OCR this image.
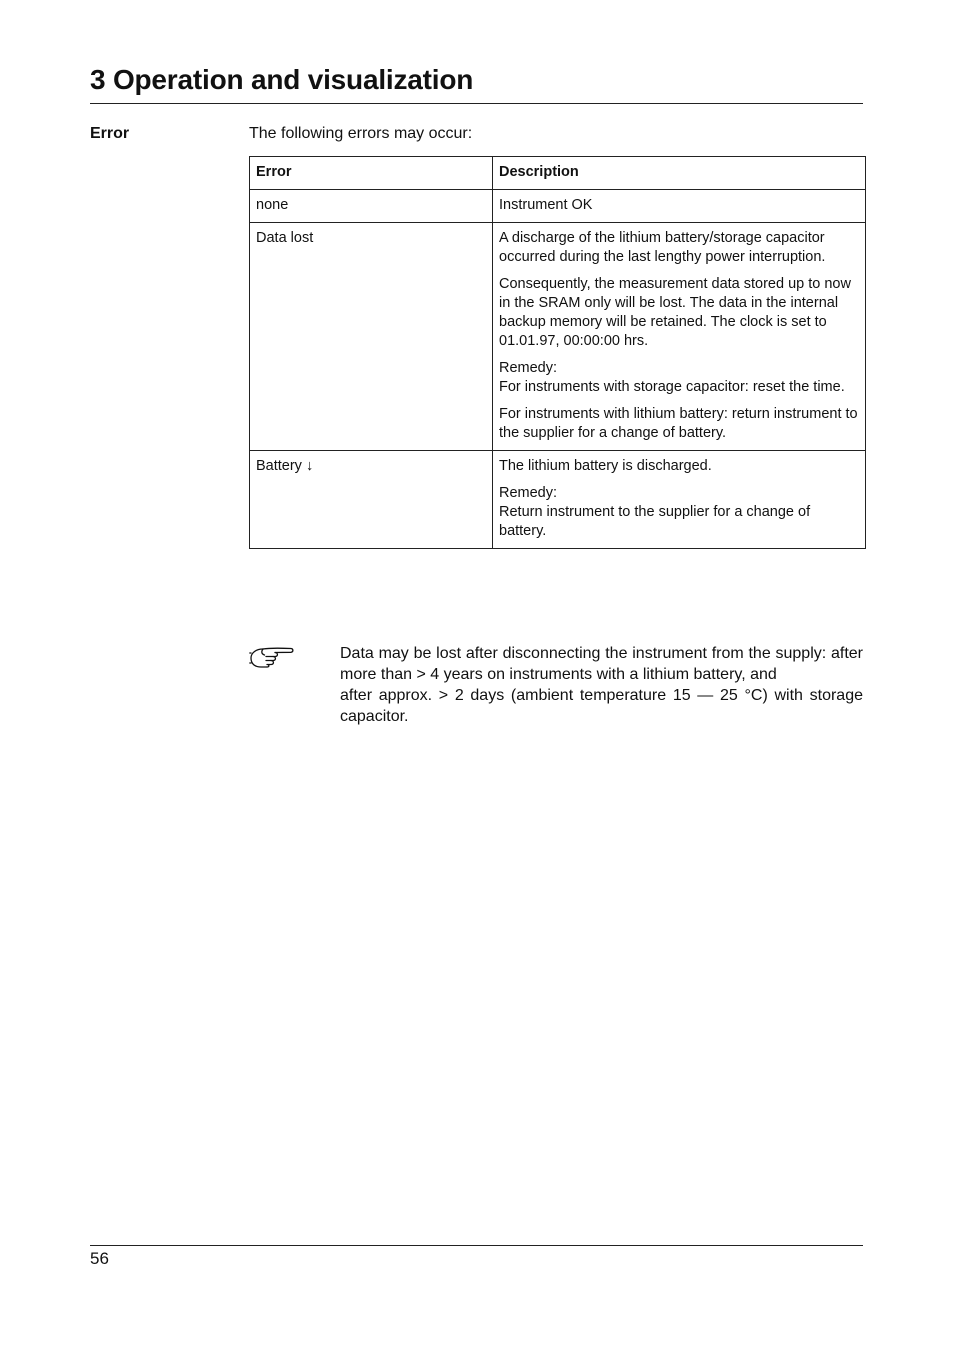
3 Operation and visualization
Error	The following errors may occur:
Error	Description
none	Instrument OK

Data lost	A discharge of the lithium battery/storage capacitor occurred during the last lengthy power interruption.

Consequently, the measurement data stored up to now in the SRAM only will be lost. The data in the internal backup memory will be retained. The clock is set to 01.01.97, 00:00:00 hrs.

Remedy:
For instruments with storage capacitor: reset the time.

For instruments with lithium battery: return instrument to the supplier for a change of battery.

Battery ↓	The lithium battery is discharged.

Remedy:
Return instrument to the supplier for a change of battery.

Data may be lost after disconnecting the instrument from the supply: after more than > 4 years on instruments with a lithium battery, and

after approx. > 2 days (ambient temperature 15 — 25 °C) with storage capacitor.

56
